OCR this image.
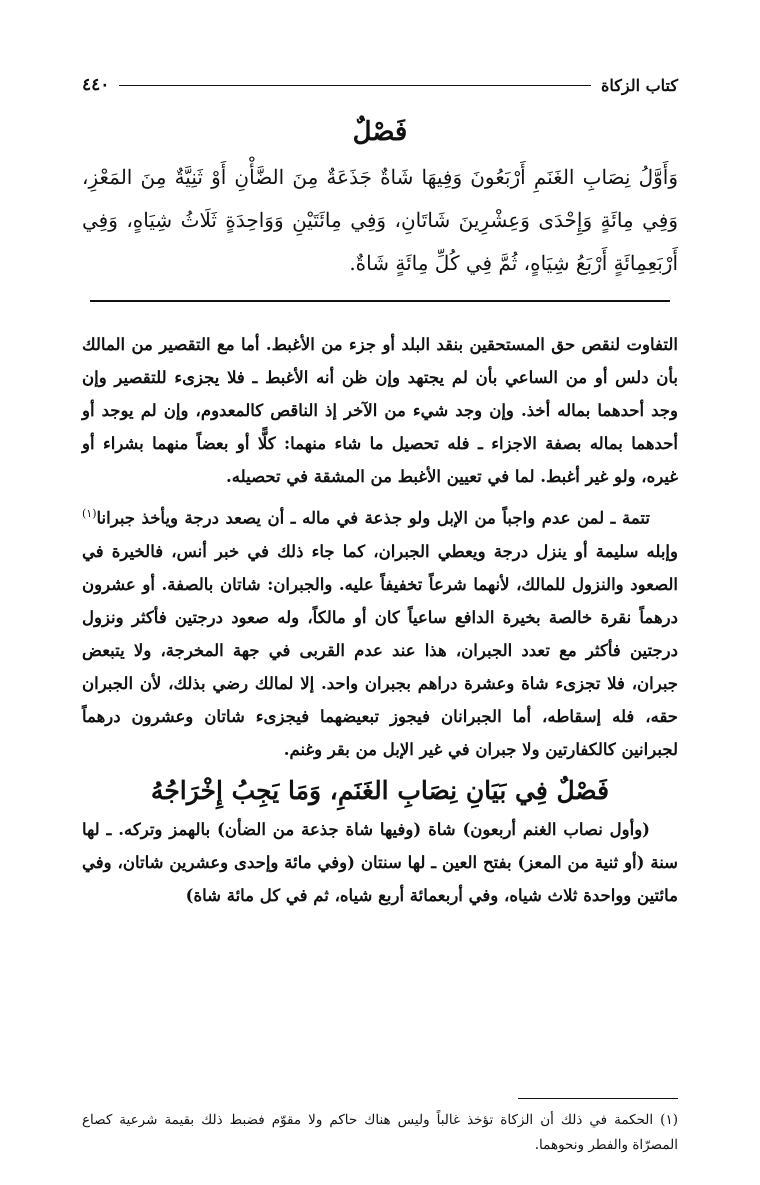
٤٤٠	كتاب الزكاة
فَصْلٌ

وَأَوَّلُ نِصَابِ الغَنَمِ أَرْبَعُونَ وَفِيهَا شَاةٌ جَذَعَةٌ مِنَ الضَّأْنِ أَوْ ثَنِيَّةٌ مِنَ المَعْزِ، وَفِي مِائَةٍ وَإِحْدَى وَعِشْرِينَ شَاتَانِ، وَفِي مِائَتَيْنِ وَوَاحِدَةٍ ثَلَاثُ شِيَاهٍ، وَفِي أَرْبَعِمِائَةٍ أَرْبَعُ شِيَاهٍ، ثُمَّ فِي كُلِّ مِائَةٍ شَاةٌ.

التفاوت لنقص حق المستحقين بنقد البلد أو جزء من الأغبط. أما مع التقصير من المالك بأن دلس أو من الساعي بأن لم يجتهد وإن ظن أنه الأغبط ـ فلا يجزىء للتقصير وإن وجد أحدهما بماله أخذ. وإن وجد شيء من الآخر إذ الناقص كالمعدوم، وإن لم يوجد أو أحدهما بماله بصفة الاجزاء ـ فله تحصيل ما شاء منهما: كلًّا أو بعضاً منهما بشراء أو غيره، ولو غير أغبط. لما في تعيين الأغبط من المشقة في تحصيله.

تتمة ـ لمن عدم واجباً من الإبل ولو جذعة في ماله ـ أن يصعد درجة ويأخذ جبرانا$^{(١)}$ وإبله سليمة أو ينزل درجة ويعطي الجبران، كما جاء ذلك في خبر أنس، فالخيرة في الصعود والنزول للمالك، لأنهما شرعاً تخفيفاً عليه. والجبران: شاتان بالصفة. أو عشرون درهماً نقرة خالصة بخيرة الدافع ساعياً كان أو مالكاً، وله صعود درجتين فأكثر ونزول درجتين فأكثر مع تعدد الجبران، هذا عند عدم القربى في جهة المخرجة، ولا يتبعض جبران، فلا تجزىء شاة وعشرة دراهم بجبران واحد. إلا لمالك رضي بذلك، لأن الجبران حقه، فله إسقاطه، أما الجبرانان فيجوز تبعيضهما فيجزىء شاتان وعشرون درهماً لجبرانين كالكفارتين ولا جبران في غير الإبل من بقر وغنم.

فَصْلٌ فِي بَيَانِ نِصَابِ الغَنَمِ، وَمَا يَجِبُ إِخْرَاجُهُ

(وأول نصاب الغنم أربعون) شاة (وفيها شاة جذعة من الضأن) بالهمز وتركه. ـ لها سنة (أو ثنية من المعز) بفتح العين ـ لها سنتان (وفي مائة وإحدى وعشرين شاتان، وفي مائتين وواحدة ثلاث شياه، وفي أربعمائة أربع شياه، ثم في كل مائة شاة)

(١) الحكمة في ذلك أن الزكاة تؤخذ غالباً وليس هناك حاكم ولا مقوّم فضبط ذلك بقيمة شرعية كصاع المصرّاة والفطر ونحوهما.
